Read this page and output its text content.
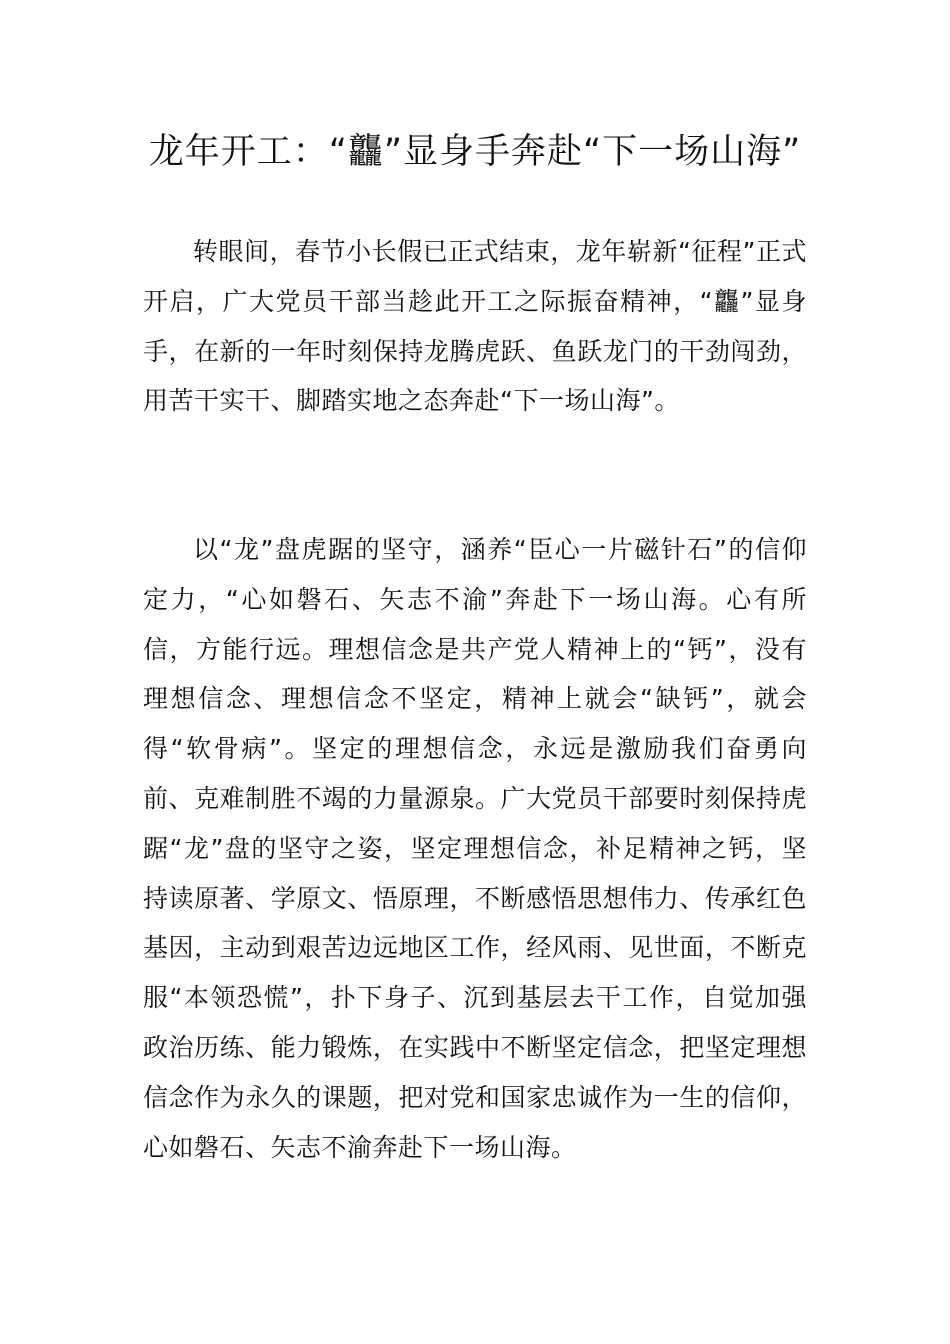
龙年开工：“龘”显身手奔赴“下一场山海”

转眼间，春节小长假已正式结束，龙年崭新“征程”正式开启，广大党员干部当趁此开工之际振奋精神，“龘”显身手，在新的一年时刻保持龙腾虎跃、鱼跃龙门的干劲闯劲，用苦干实干、脚踏实地之态奔赴“下一场山海”。

以“龙”盘虎踞的坚守，涵养“臣心一片磁针石”的信仰定力，“心如磐石、矢志不渝”奔赴下一场山海。心有所信，方能行远。理想信念是共产党人精神上的“钙”，没有理想信念、理想信念不坚定，精神上就会“缺钙”，就会得“软骨病”。坚定的理想信念，永远是激励我们奋勇向前、克难制胜不竭的力量源泉。广大党员干部要时刻保持虎踞“龙”盘的坚守之姿，坚定理想信念，补足精神之钙，坚持读原著、学原文、悟原理，不断感悟思想伟力、传承红色基因，主动到艰苦边远地区工作，经风雨、见世面，不断克服“本领恐慌”，扑下身子、沉到基层去干工作，自觉加强政治历练、能力锻炼，在实践中不断坚定信念，把坚定理想信念作为永久的课题，把对党和国家忠诚作为一生的信仰，心如磐石、矢志不渝奔赴下一场山海。
